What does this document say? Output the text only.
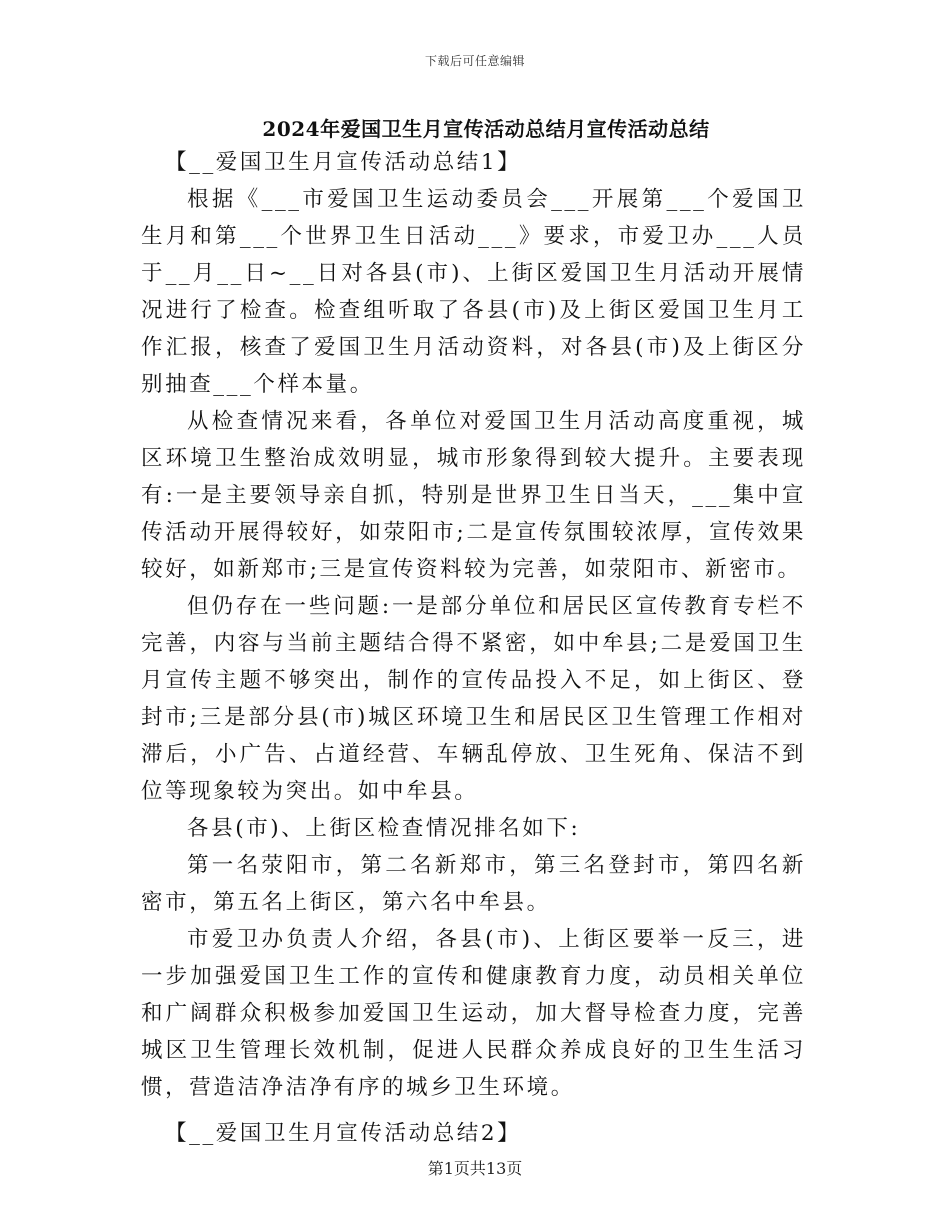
下载后可任意编辑
2024年爱国卫生月宣传活动总结月宣传活动总结

【__爱国卫生月宣传活动总结1】

根据《___市爱国卫生运动委员会___开展第___个爱国卫生月和第___个世界卫生日活动___》要求，市爱卫办___人员于__月__日~__日对各县(市)、上街区爱国卫生月活动开展情况进行了检查。检查组听取了各县(市)及上街区爱国卫生月工作汇报，核查了爱国卫生月活动资料，对各县(市)及上街区分别抽查___个样本量。

从检查情况来看，各单位对爱国卫生月活动高度重视，城区环境卫生整治成效明显，城市形象得到较大提升。主要表现有:一是主要领导亲自抓，特别是世界卫生日当天，___集中宣传活动开展得较好，如荥阳市;二是宣传氛围较浓厚，宣传效果较好，如新郑市;三是宣传资料较为完善，如荥阳市、新密市。

但仍存在一些问题:一是部分单位和居民区宣传教育专栏不完善，内容与当前主题结合得不紧密，如中牟县;二是爱国卫生月宣传主题不够突出，制作的宣传品投入不足，如上街区、登封市;三是部分县(市)城区环境卫生和居民区卫生管理工作相对滞后，小广告、占道经营、车辆乱停放、卫生死角、保洁不到位等现象较为突出。如中牟县。

各县(市)、上街区检查情况排名如下:

第一名荥阳市，第二名新郑市，第三名登封市，第四名新密市，第五名上街区，第六名中牟县。

市爱卫办负责人介绍，各县(市)、上街区要举一反三，进一步加强爱国卫生工作的宣传和健康教育力度，动员相关单位和广阔群众积极参加爱国卫生运动，加大督导检查力度，完善城区卫生管理长效机制，促进人民群众养成良好的卫生生活习惯，营造洁净洁净有序的城乡卫生环境。

【__爱国卫生月宣传活动总结2】

第1页共13页
